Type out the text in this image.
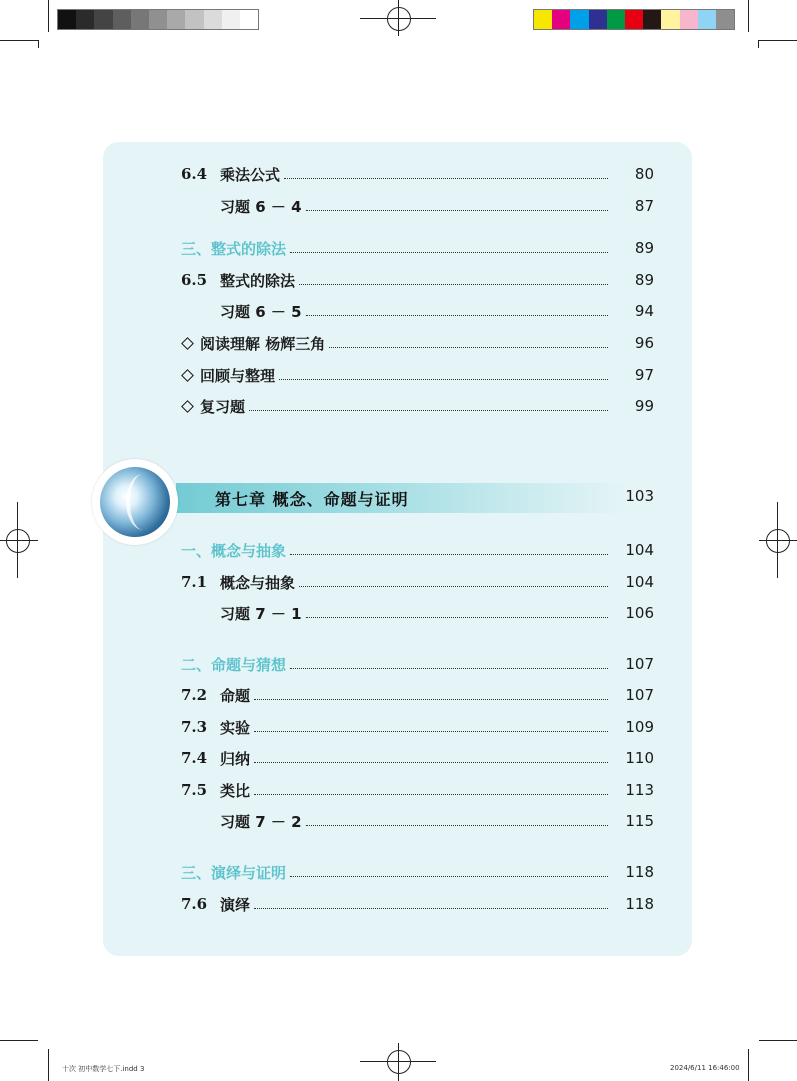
6.4 乘法公式	80
习题 6 － 4	87
三、整式的除法	89
6.5 整式的除法	89
习题 6 － 5	94
阅读理解 杨辉三角	96
回顾与整理	97
复习题	99
第七章 概念、命题与证明	103
一、概念与抽象	104
7.1 概念与抽象	104
习题 7 － 1	106
二、命题与猜想	107
7.2 命题	107
7.3 实验	109
7.4 归纳	110
7.5 类比	113
习题 7 － 2	115
三、演绎与证明	118
7.6 演绎	118
十次 初中数学七下.indd 3	2024/6/11 16:46:00
